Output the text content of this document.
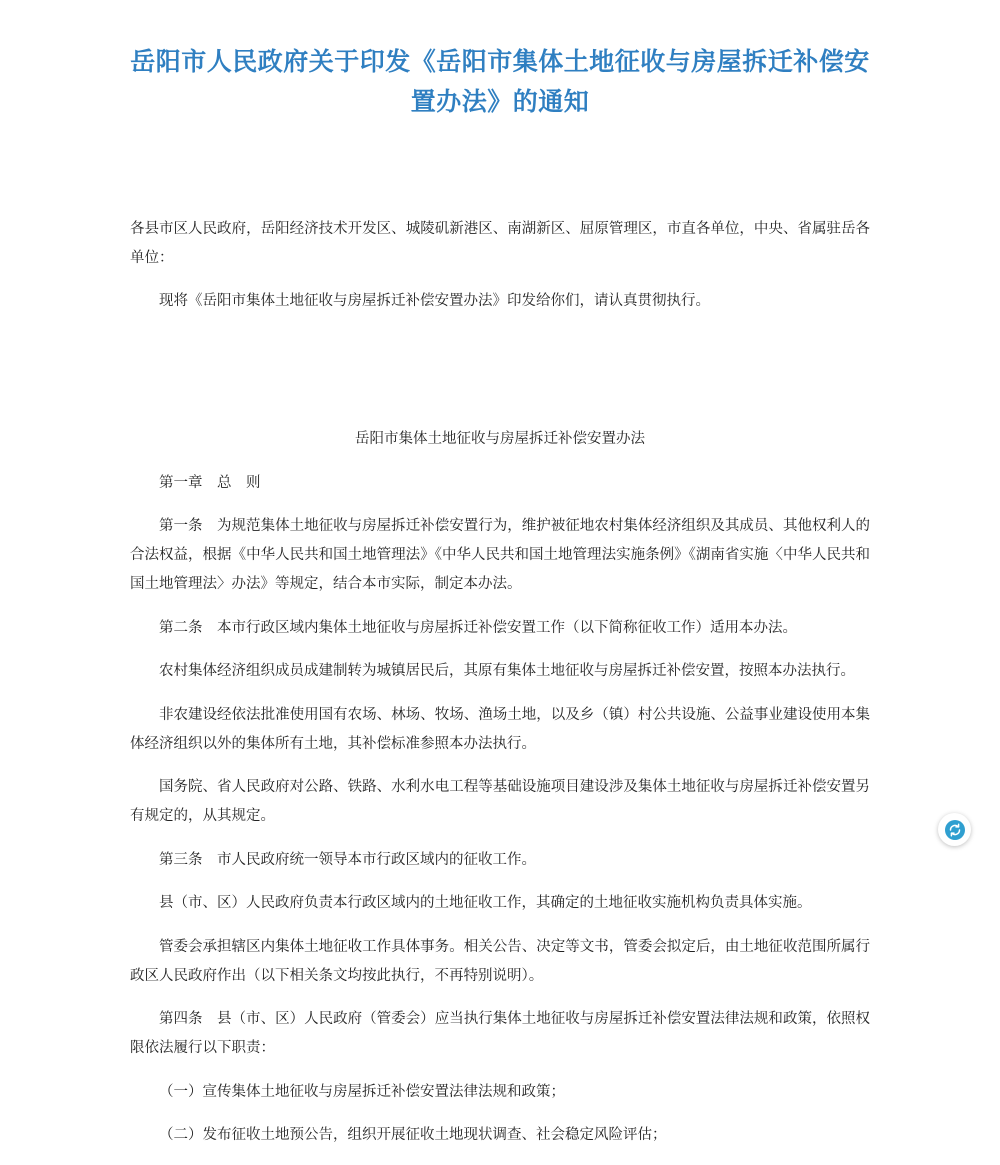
岳阳市人民政府关于印发《岳阳市集体土地征收与房屋拆迁补偿安置办法》的通知

各县市区人民政府，岳阳经济技术开发区、城陵矶新港区、南湖新区、屈原管理区，市直各单位，中央、省属驻岳各单位：

现将《岳阳市集体土地征收与房屋拆迁补偿安置办法》印发给你们，请认真贯彻执行。

岳阳市集体土地征收与房屋拆迁补偿安置办法

第一章　总　则

第一条　为规范集体土地征收与房屋拆迁补偿安置行为，维护被征地农村集体经济组织及其成员、其他权利人的合法权益，根据《中华人民共和国土地管理法》《中华人民共和国土地管理法实施条例》《湖南省实施〈中华人民共和国土地管理法〉办法》等规定，结合本市实际，制定本办法。

第二条　本市行政区域内集体土地征收与房屋拆迁补偿安置工作（以下简称征收工作）适用本办法。

农村集体经济组织成员成建制转为城镇居民后，其原有集体土地征收与房屋拆迁补偿安置，按照本办法执行。

非农建设经依法批准使用国有农场、林场、牧场、渔场土地，以及乡（镇）村公共设施、公益事业建设使用本集体经济组织以外的集体所有土地，其补偿标准参照本办法执行。

国务院、省人民政府对公路、铁路、水利水电工程等基础设施项目建设涉及集体土地征收与房屋拆迁补偿安置另有规定的，从其规定。

第三条　市人民政府统一领导本市行政区域内的征收工作。

县（市、区）人民政府负责本行政区域内的土地征收工作，其确定的土地征收实施机构负责具体实施。

管委会承担辖区内集体土地征收工作具体事务。相关公告、决定等文书，管委会拟定后，由土地征收范围所属行政区人民政府作出（以下相关条文均按此执行，不再特别说明）。

第四条　县（市、区）人民政府（管委会）应当执行集体土地征收与房屋拆迁补偿安置法律法规和政策，依照权限依法履行以下职责：

（一）宣传集体土地征收与房屋拆迁补偿安置法律法规和政策；

（二）发布征收土地预公告，组织开展征收土地现状调查、社会稳定风险评估；
